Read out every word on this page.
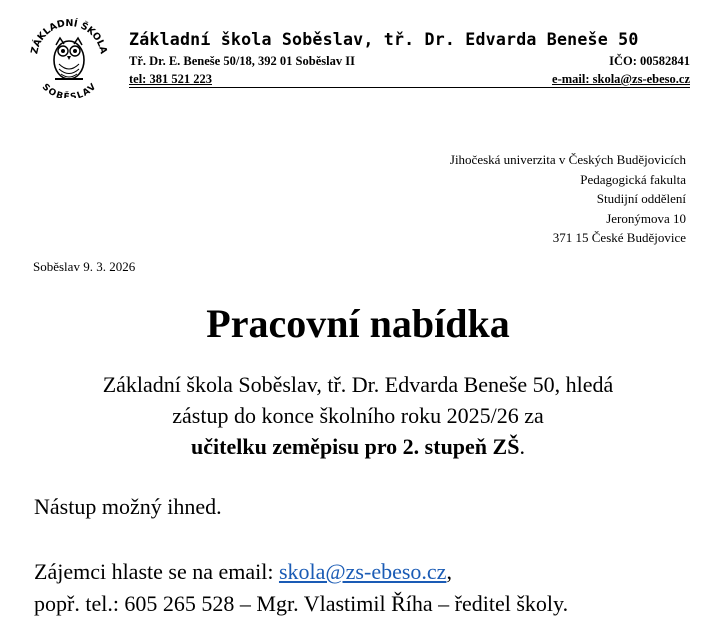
ZÁKLADNÍ ŠKOLA
SOBĚSLAV
Základní škola Soběslav, tř. Dr. Edvarda Beneše 50
Tř. Dr. E. Beneše 50/18, 392 01 Soběslav II	IČO: 00582841
tel: 381 521 223	e-mail: skola@zs-ebeso.cz
Jihočeská univerzita v Českých Budějovicích
Pedagogická fakulta
Studijní oddělení
Jeronýmova 10
371 15 České Budějovice
Soběslav 9. 3. 2026
Pracovní nabídka
Základní škola Soběslav, tř. Dr. Edvarda Beneše 50, hledá
zástup do konce školního roku 2025/26 za
učitelku zeměpisu pro 2. stupeň ZŠ.
Nástup možný ihned.
Zájemci hlaste se na email: skola@zs-ebeso.cz,
popř. tel.: 605 265 528 – Mgr. Vlastimil Říha – ředitel školy.
